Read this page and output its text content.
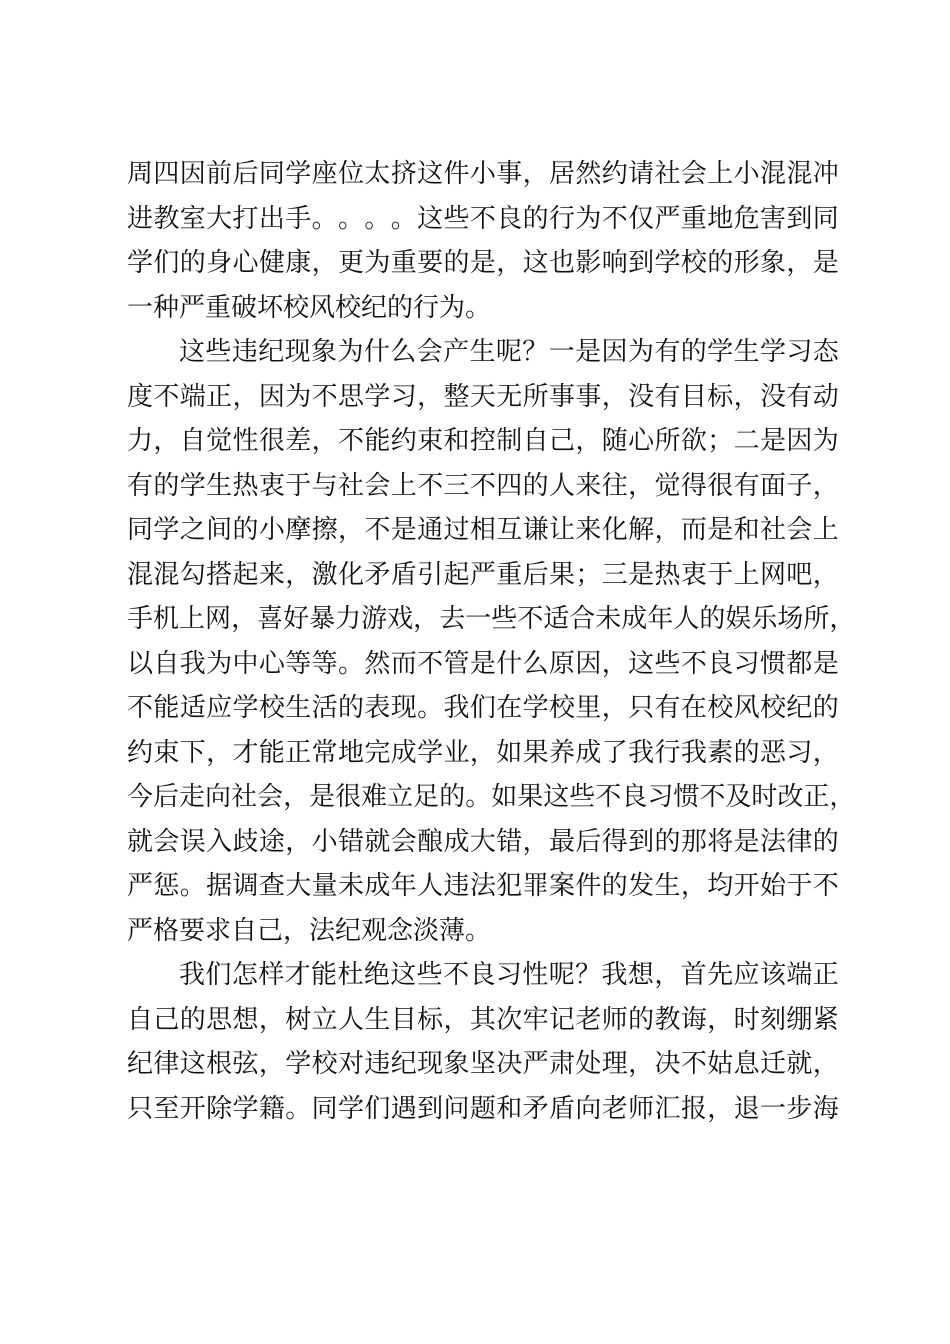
周 四 因 前 后 同 学 座 位 太 挤 这 件 小 事 ， 居 然 约 请 社 会 上 小 混 混 冲
进 教 室 大 打 出 手 。 。 。 。 这 些 不 良 的 行 为 不 仅 严 重 地 危 害 到 同
学 们 的 身 心 健 康 ， 更 为 重 要 的 是 ， 这 也 影 响 到 学 校 的 形 象 ， 是
一种严重破坏校风校纪的行为。
这 些 违 纪 现 象 为 什 么 会 产 生 呢 ？ 一 是 因 为 有 的 学 生 学 习 态
度 不 端 正 ， 因 为 不 思 学 习 ， 整 天 无 所 事 事 ， 没 有 目 标 ， 没 有 动
力 ， 自 觉 性 很 差 ， 不 能 约 束 和 控 制 自 己 ， 随 心 所 欲 ； 二 是 因 为
有 的 学 生 热 衷 于 与 社 会 上 不 三 不 四 的 人 来 往 ， 觉 得 很 有 面 子 ，
同 学 之 间 的 小 摩 擦 ， 不 是 通 过 相 互 谦 让 来 化 解 ， 而 是 和 社 会 上
混 混 勾 搭 起 来 ， 激 化 矛 盾 引 起 严 重 后 果 ； 三 是 热 衷 于 上 网 吧 ，
手 机 上 网 ， 喜 好 暴 力 游 戏 ， 去 一 些 不 适 合 未 成 年 人 的 娱 乐 场 所 ，
以 自 我 为 中 心 等 等 。 然 而 不 管 是 什 么 原 因 ， 这 些 不 良 习 惯 都 是
不 能 适 应 学 校 生 活 的 表 现 。 我 们 在 学 校 里 ， 只 有 在 校 风 校 纪 的
约 束 下 ， 才 能 正 常 地 完 成 学 业 ， 如 果 养 成 了 我 行 我 素 的 恶 习 ，
今 后 走 向 社 会 ， 是 很 难 立 足 的 。 如 果 这 些 不 良 习 惯 不 及 时 改 正 ，
就 会 误 入 歧 途 ， 小 错 就 会 酿 成 大 错 ， 最 后 得 到 的 那 将 是 法 律 的
严 惩 。 据 调 查 大 量 未 成 年 人 违 法 犯 罪 案 件 的 发 生 ， 均 开 始 于 不
严格要求自己，法纪观念淡薄。
我 们 怎 样 才 能 杜 绝 这 些 不 良 习 性 呢 ？ 我 想 ， 首 先 应 该 端 正
自 己 的 思 想 ， 树 立 人 生 目 标 ， 其 次 牢 记 老 师 的 教 诲 ， 时 刻 绷 紧
纪 律 这 根 弦 ， 学 校 对 违 纪 现 象 坚 决 严 肃 处 理 ， 决 不 姑 息 迁 就 ，
只 至 开 除 学 籍 。 同 学 们 遇 到 问 题 和 矛 盾 向 老 师 汇 报 ， 退 一 步 海
